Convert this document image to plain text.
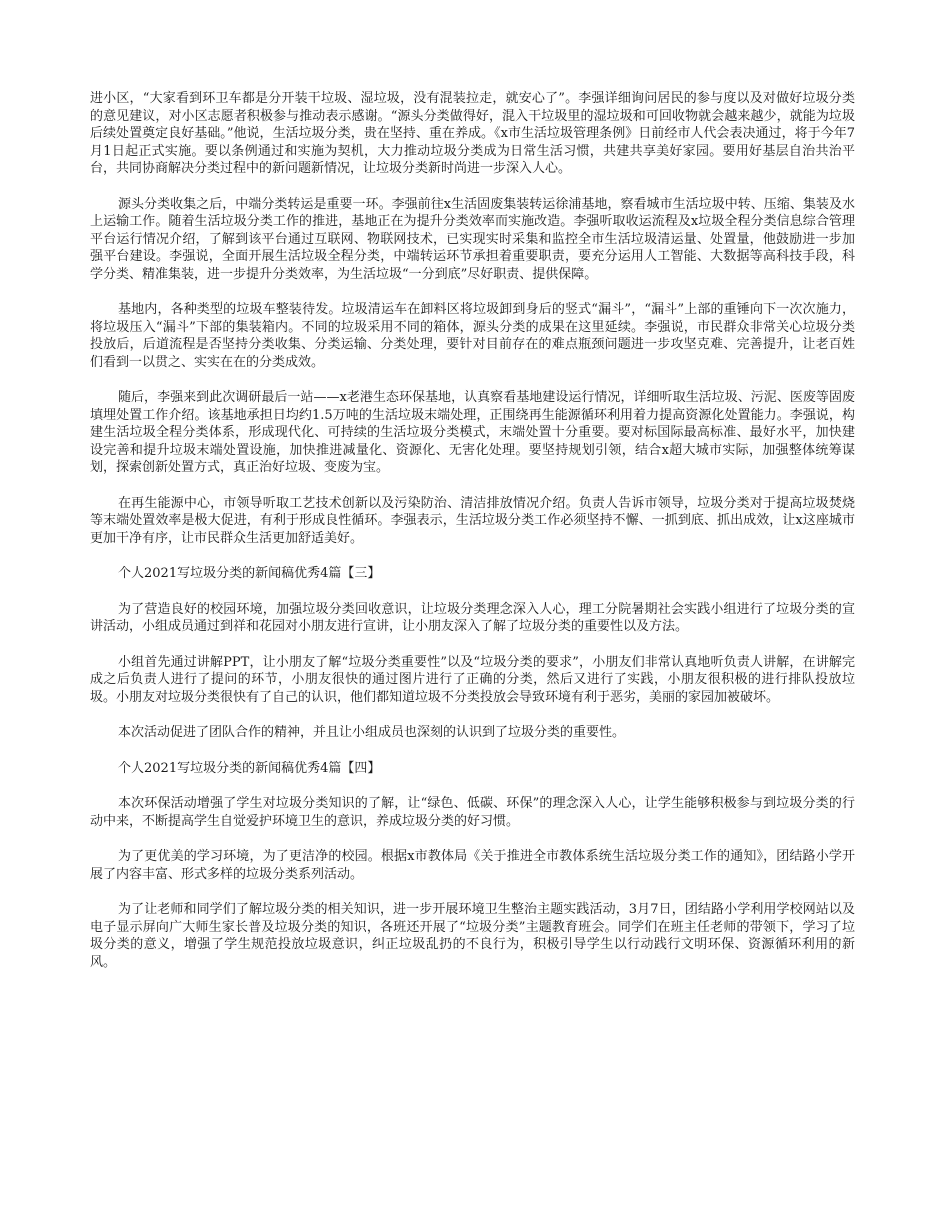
进小区，“大家看到环卫车都是分开装干垃圾、湿垃圾，没有混装拉走，就安心了”。李强详细询问居民的参与度以及对做好垃圾分类的意见建议，对小区志愿者积极参与推动表示感谢。“源头分类做得好，混入干垃圾里的湿垃圾和可回收物就会越来越少，就能为垃圾后续处置奠定良好基础。”他说，生活垃圾分类，贵在坚持、重在养成。《x市生活垃圾管理条例》日前经市人代会表决通过，将于今年7月1日起正式实施。要以条例通过和实施为契机，大力推动垃圾分类成为日常生活习惯，共建共享美好家园。要用好基层自治共治平台，共同协商解决分类过程中的新问题新情况，让垃圾分类新时尚进一步深入人心。

源头分类收集之后，中端分类转运是重要一环。李强前往x生活固废集装转运徐浦基地，察看城市生活垃圾中转、压缩、集装及水上运输工作。随着生活垃圾分类工作的推进，基地正在为提升分类效率而实施改造。李强听取收运流程及x垃圾全程分类信息综合管理平台运行情况介绍，了解到该平台通过互联网、物联网技术，已实现实时采集和监控全市生活垃圾清运量、处置量，他鼓励进一步加强平台建设。李强说，全面开展生活垃圾全程分类，中端转运环节承担着重要职责，要充分运用人工智能、大数据等高科技手段，科学分类、精准集装，进一步提升分类效率，为生活垃圾“一分到底”尽好职责、提供保障。

基地内，各种类型的垃圾车整装待发。垃圾清运车在卸料区将垃圾卸到身后的竖式“漏斗”，“漏斗”上部的重锤向下一次次施力，将垃圾压入“漏斗”下部的集装箱内。不同的垃圾采用不同的箱体，源头分类的成果在这里延续。李强说，市民群众非常关心垃圾分类投放后，后道流程是否坚持分类收集、分类运输、分类处理，要针对目前存在的难点瓶颈问题进一步攻坚克难、完善提升，让老百姓们看到一以贯之、实实在在的分类成效。

随后，李强来到此次调研最后一站——x老港生态环保基地，认真察看基地建设运行情况，详细听取生活垃圾、污泥、医废等固废填埋处置工作介绍。该基地承担日均约1.5万吨的生活垃圾末端处理，正围绕再生能源循环利用着力提高资源化处置能力。李强说，构建生活垃圾全程分类体系，形成现代化、可持续的生活垃圾分类模式，末端处置十分重要。要对标国际最高标准、最好水平，加快建设完善和提升垃圾末端处置设施，加快推进减量化、资源化、无害化处理。要坚持规划引领，结合x超大城市实际，加强整体统筹谋划，探索创新处置方式，真正治好垃圾、变废为宝。

在再生能源中心，市领导听取工艺技术创新以及污染防治、清洁排放情况介绍。负责人告诉市领导，垃圾分类对于提高垃圾焚烧等末端处置效率是极大促进，有利于形成良性循环。李强表示，生活垃圾分类工作必须坚持不懈、一抓到底、抓出成效，让x这座城市更加干净有序，让市民群众生活更加舒适美好。

个人2021写垃圾分类的新闻稿优秀4篇【三】

为了营造良好的校园环境，加强垃圾分类回收意识，让垃圾分类理念深入人心，理工分院暑期社会实践小组进行了垃圾分类的宣讲活动，小组成员通过到祥和花园对小朋友进行宣讲，让小朋友深入了解了垃圾分类的重要性以及方法。

小组首先通过讲解PPT，让小朋友了解“垃圾分类重要性”以及“垃圾分类的要求”，小朋友们非常认真地听负责人讲解，在讲解完成之后负责人进行了提问的环节，小朋友很快的通过图片进行了正确的分类，然后又进行了实践，小朋友很积极的进行排队投放垃圾。小朋友对垃圾分类很快有了自己的认识，他们都知道垃圾不分类投放会导致环境有利于恶劣，美丽的家园加被破坏。

本次活动促进了团队合作的精神，并且让小组成员也深刻的认识到了垃圾分类的重要性。

个人2021写垃圾分类的新闻稿优秀4篇【四】

本次环保活动增强了学生对垃圾分类知识的了解，让“绿色、低碳、环保”的理念深入人心，让学生能够积极参与到垃圾分类的行动中来，不断提高学生自觉爱护环境卫生的意识，养成垃圾分类的好习惯。

为了更优美的学习环境，为了更洁净的校园。根据x市教体局《关于推进全市教体系统生活垃圾分类工作的通知》，团结路小学开展了内容丰富、形式多样的垃圾分类系列活动。

为了让老师和同学们了解垃圾分类的相关知识，进一步开展环境卫生整治主题实践活动，3月7日，团结路小学利用学校网站以及电子显示屏向广大师生家长普及垃圾分类的知识，各班还开展了“垃圾分类”主题教育班会。同学们在班主任老师的带领下，学习了垃圾分类的意义，增强了学生规范投放垃圾意识，纠正垃圾乱扔的不良行为，积极引导学生以行动践行文明环保、资源循环利用的新风。
